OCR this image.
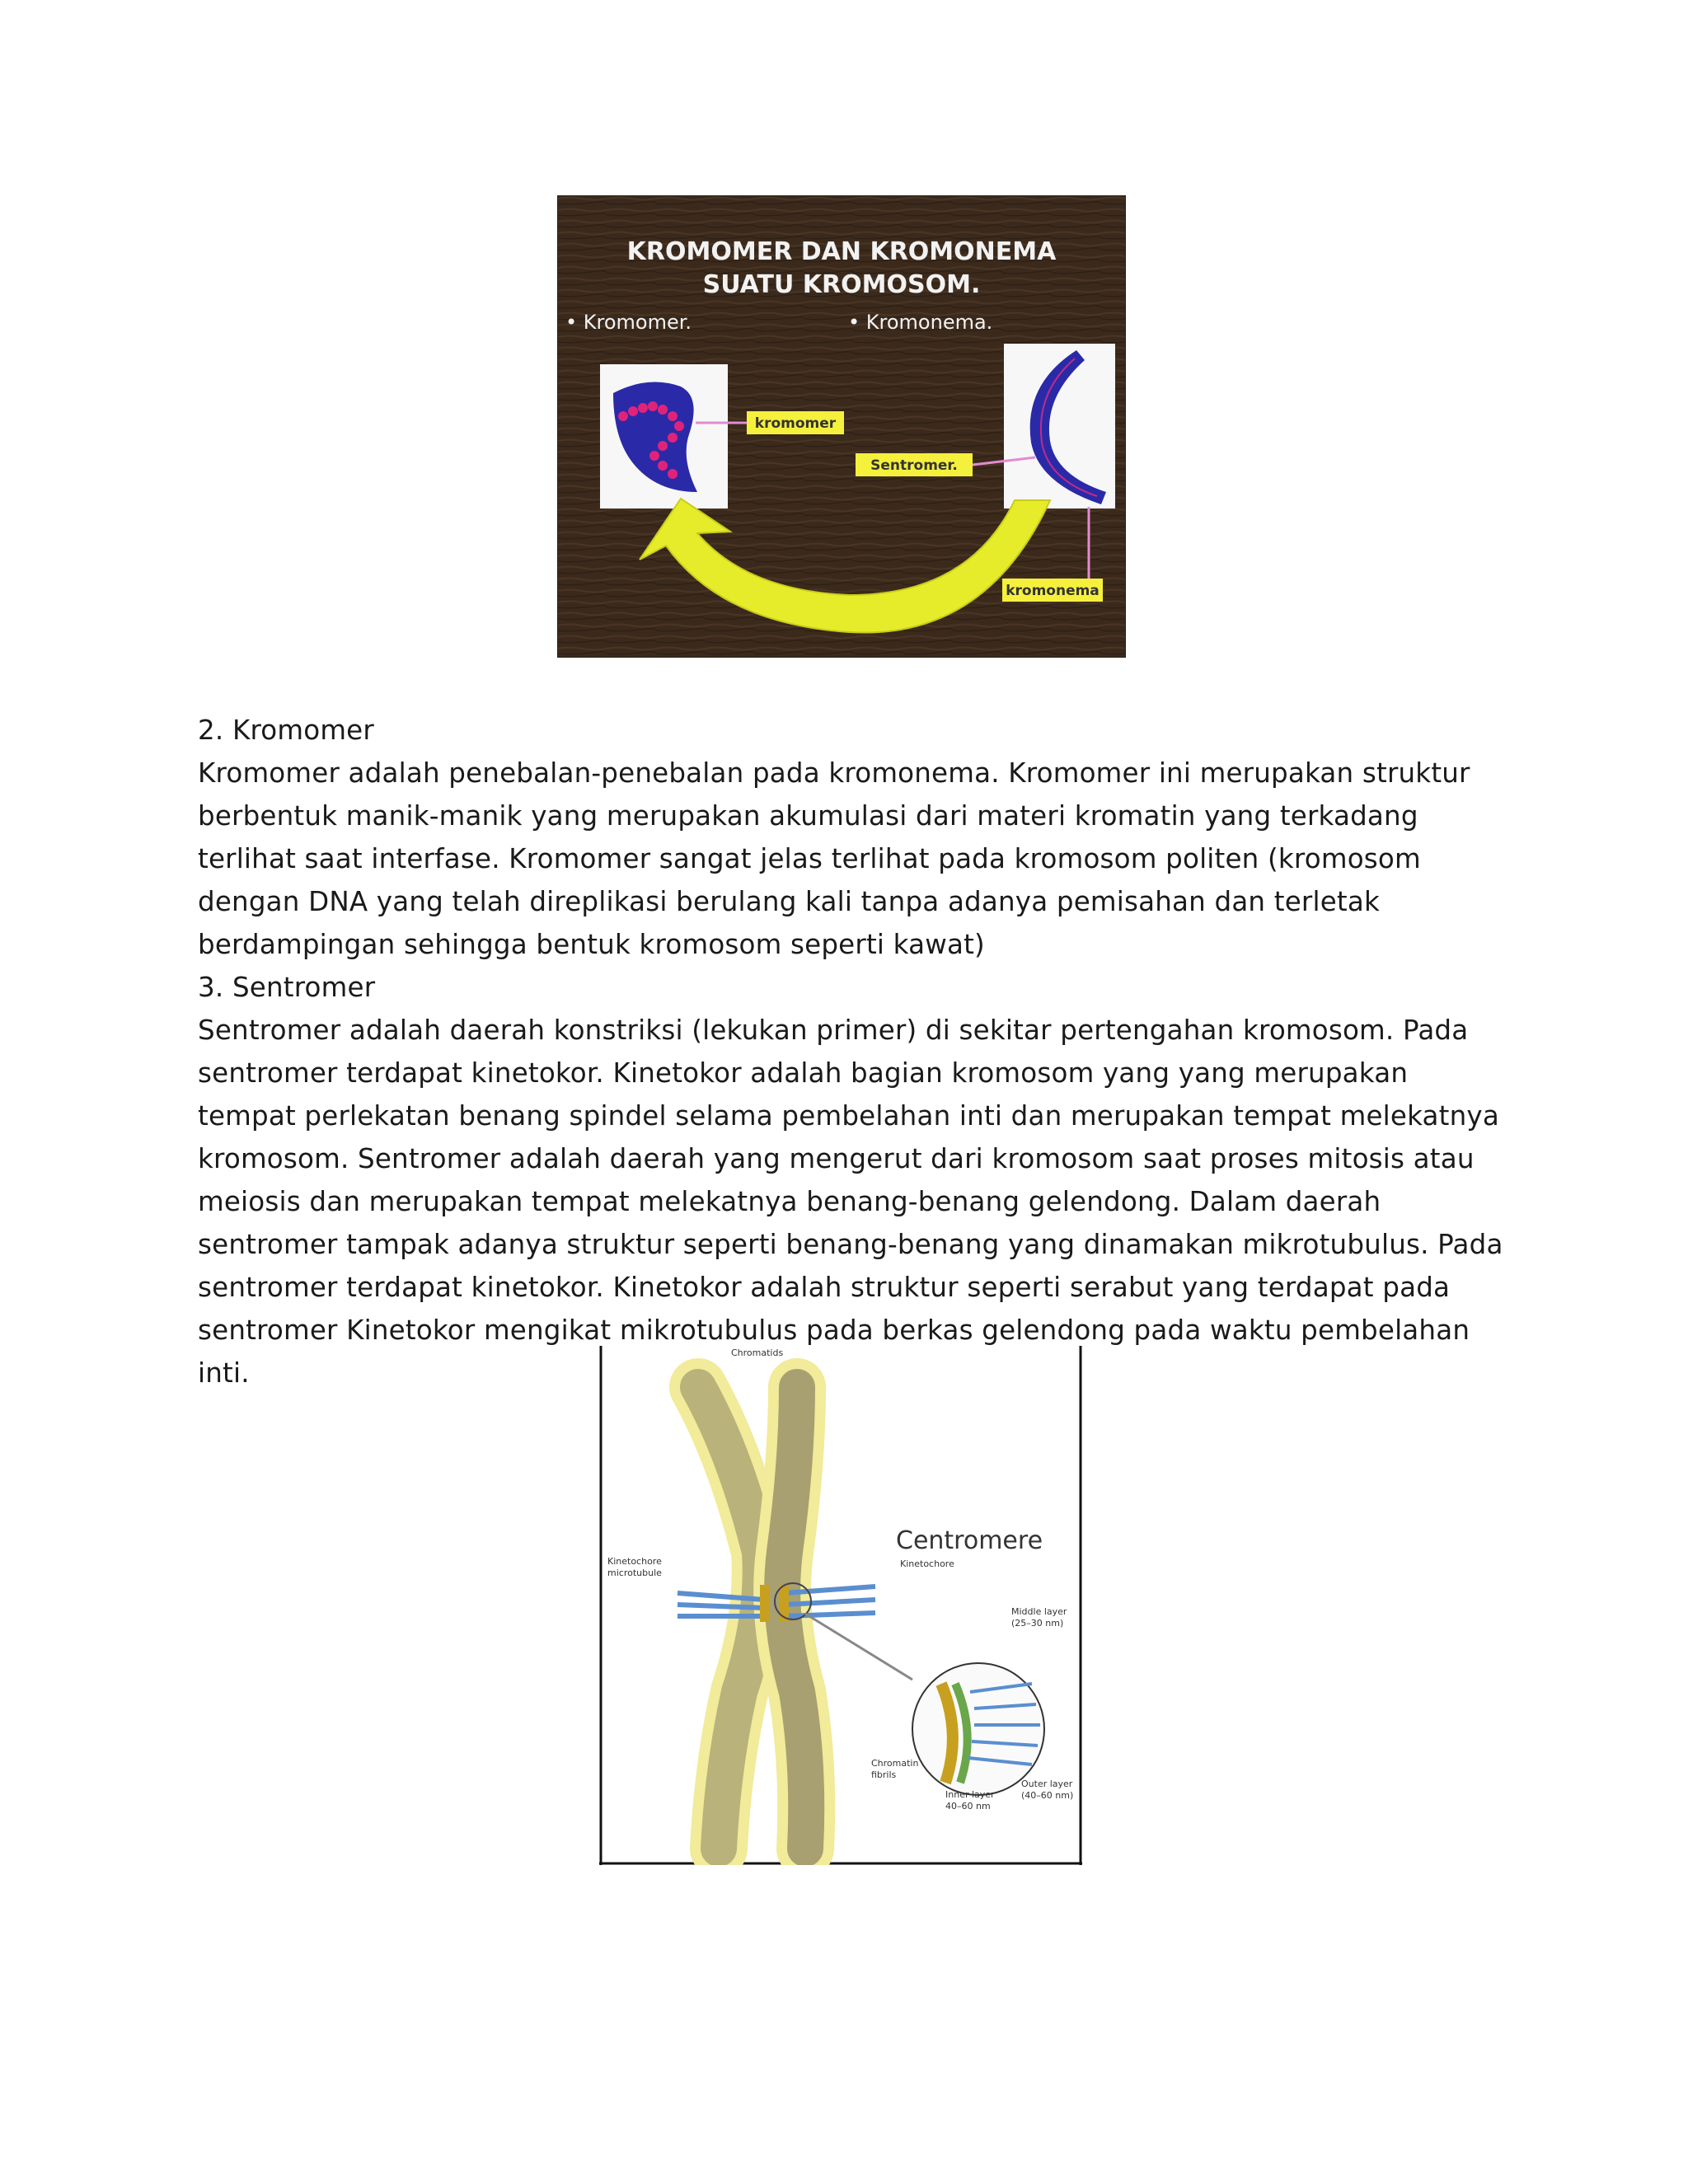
KROMOMER DAN KROMONEMA
SUATU KROMOSOM.
• Kromomer.	• Kromonema.
kromomer
Sentromer.
kromonema

2. Kromomer

Kromomer adalah penebalan-penebalan pada kromonema. Kromomer ini merupakan struktur berbentuk manik-manik yang merupakan akumulasi dari materi kromatin yang terkadang terlihat saat interfase. Kromomer sangat jelas terlihat pada kromosom politen (kromosom dengan DNA yang telah direplikasi berulang kali tanpa adanya pemisahan dan terletak berdampingan sehingga bentuk kromosom seperti kawat)

3. Sentromer

Sentromer adalah daerah konstriksi (lekukan primer) di sekitar pertengahan kromosom. Pada sentromer terdapat kinetokor. Kinetokor adalah bagian kromosom yang yang merupakan tempat perlekatan benang spindel selama pembelahan inti dan merupakan tempat melekatnya kromosom. Sentromer adalah daerah yang mengerut dari kromosom saat proses mitosis atau meiosis dan merupakan tempat melekatnya benang-benang gelendong. Dalam daerah sentromer tampak adanya struktur seperti benang-benang yang dinamakan mikrotubulus. Pada sentromer terdapat kinetokor. Kinetokor adalah struktur seperti serabut yang terdapat pada sentromer Kinetokor mengikat mikrotubulus pada berkas gelendong pada waktu pembelahan inti.

Chromatids
Centromere
Kinetochore
microtubule
Kinetochore
Middle layer
(25–30 nm)
Chromatin
fibrils
Inner layer
40–60 nm
Outer layer
(40–60 nm)
